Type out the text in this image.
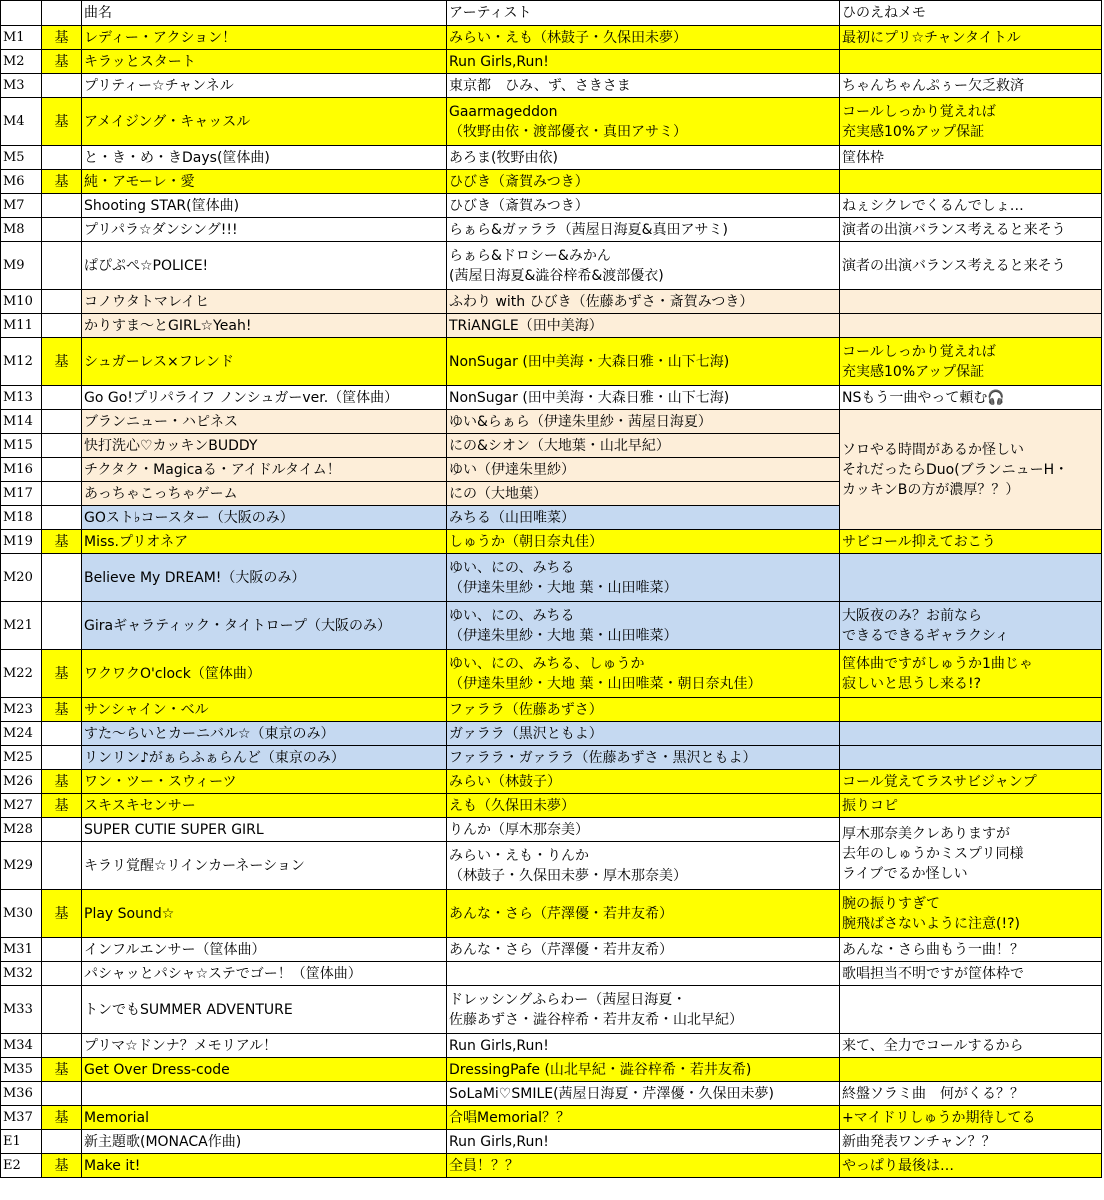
		曲名	アーティスト	ひのえねメモ
M1	基	レディー・アクション！	みらい・えも（林鼓子・久保田未夢）	最初にプリ☆チャンタイトル

M2	基	キラッとスタート	Run Girls,Run!	

M3		プリティー☆チャンネル	東京都　ひみ、ず、さきさま	ちゃんちゃんぷぅー欠乏救済

M4	基	アメイジング・キャッスル	Gaarmageddon
（牧野由依・渡部優衣・真田アサミ）	コールしっかり覚えれば
充実感10%アップ保証

M5		と・き・め・きDays(筐体曲)	あろま(牧野由依)	筐体枠

M6	基	純・アモーレ・愛	ひびき（斎賀みつき）	

M7		Shooting STAR(筐体曲)	ひびき（斎賀みつき）	ねぇシクレでくるんでしょ…

M8		プリパラ☆ダンシング!!!	らぁら&ガァララ（茜屋日海夏&真田アサミ)	演者の出演バランス考えると来そう

M9		ぱぴぷぺ☆POLICE!	らぁら&ドロシー&みかん
(茜屋日海夏&澁谷梓希&渡部優衣)	演者の出演バランス考えると来そう

M10		コノウタトマレイヒ	ふわり with ひびき（佐藤あずさ・斎賀みつき）	

M11		かりすま～とGIRL☆Yeah!	TRiANGLE（田中美海）	

M12	基	シュガーレス×フレンド	NonSugar (田中美海・大森日雅・山下七海)	コールしっかり覚えれば
充実感10%アップ保証

M13		Go Go!プリパライフ ノンシュガーver.（筐体曲）	NonSugar (田中美海・大森日雅・山下七海)	NSもう一曲やって頼む🎧

M14		ブランニュー・ハピネス	ゆい&らぁら（伊達朱里紗・茜屋日海夏）	ソロやる時間があるか怪しい
それだったらDuo(ブランニューH・
カッキンBの方が濃厚？？）

M15		快打洗心♡カッキンBUDDY	にの&シオン（大地葉・山北早紀）	

M16		チクタク・Magicaる・アイドルタイム！	ゆい（伊達朱里紗）	

M17		あっちゃこっちゃゲーム	にの（大地葉）	

M18		GOスト♭コースター（大阪のみ）	みちる（山田唯菜）	

M19	基	Miss.プリオネア	しゅうか（朝日奈丸佳）	サビコール抑えておこう

M20		Believe My DREAM!（大阪のみ）	ゆい、にの、みちる
（伊達朱里紗・大地 葉・山田唯菜）	

M21		Giraギャラティック・タイトロープ（大阪のみ）	ゆい、にの、みちる
（伊達朱里紗・大地 葉・山田唯菜）	大阪夜のみ？お前なら
できるできるギャラクシィ

M22	基	ワクワクO'clock（筐体曲）	ゆい、にの、みちる、しゅうか
（伊達朱里紗・大地 葉・山田唯菜・朝日奈丸佳）	筐体曲ですがしゅうか1曲じゃ
寂しいと思うし来る!?

M23	基	サンシャイン・ベル	ファララ（佐藤あずさ）	

M24		すた～らいとカーニバル☆（東京のみ）	ガァララ（黒沢ともよ）	

M25		リンリン♪がぁらふぁらんど（東京のみ）	ファララ・ガァララ（佐藤あずさ・黒沢ともよ）	

M26	基	ワン・ツー・スウィーツ	みらい（林鼓子）	コール覚えてラスサビジャンプ

M27	基	スキスキセンサー	えも（久保田未夢）	振りコピ

M28		SUPER CUTIE SUPER GIRL	りんか（厚木那奈美）	厚木那奈美クレありますが
去年のしゅうかミスプリ同様
ライブでるか怪しい

M29		キラリ覚醒☆リインカーネーション	みらい・えも・りんか
（林鼓子・久保田未夢・厚木那奈美）	

M30	基	Play Sound☆	あんな・さら（芹澤優・若井友希）	腕の振りすぎて
腕飛ばさないように注意(!?)

M31		インフルエンサー（筐体曲）	あんな・さら（芹澤優・若井友希）	あんな・さら曲もう一曲！？

M32		パシャッとパシャ☆ステでゴー！（筐体曲）		歌唱担当不明ですが筐体枠で

M33		トンでもSUMMER ADVENTURE	ドレッシングふらわー（茜屋日海夏・
佐藤あずさ・澁谷梓希・若井友希・山北早紀）	

M34		プリマ☆ドンナ？メモリアル！	Run Girls,Run!	来て、全力でコールするから

M35	基	Get Over Dress-code	DressingPafe (山北早紀・澁谷梓希・若井友希)	

M36			SoLaMi♡SMILE(茜屋日海夏・芹澤優・久保田未夢)	終盤ソラミ曲　何がくる？？

M37	基	Memorial	合唱Memorial？？	+マイドリしゅうか期待してる

E1		新主題歌(MONACA作曲)	Run Girls,Run!	新曲発表ワンチャン？？

E2	基	Make it!	全員！？？	やっぱり最後は…
